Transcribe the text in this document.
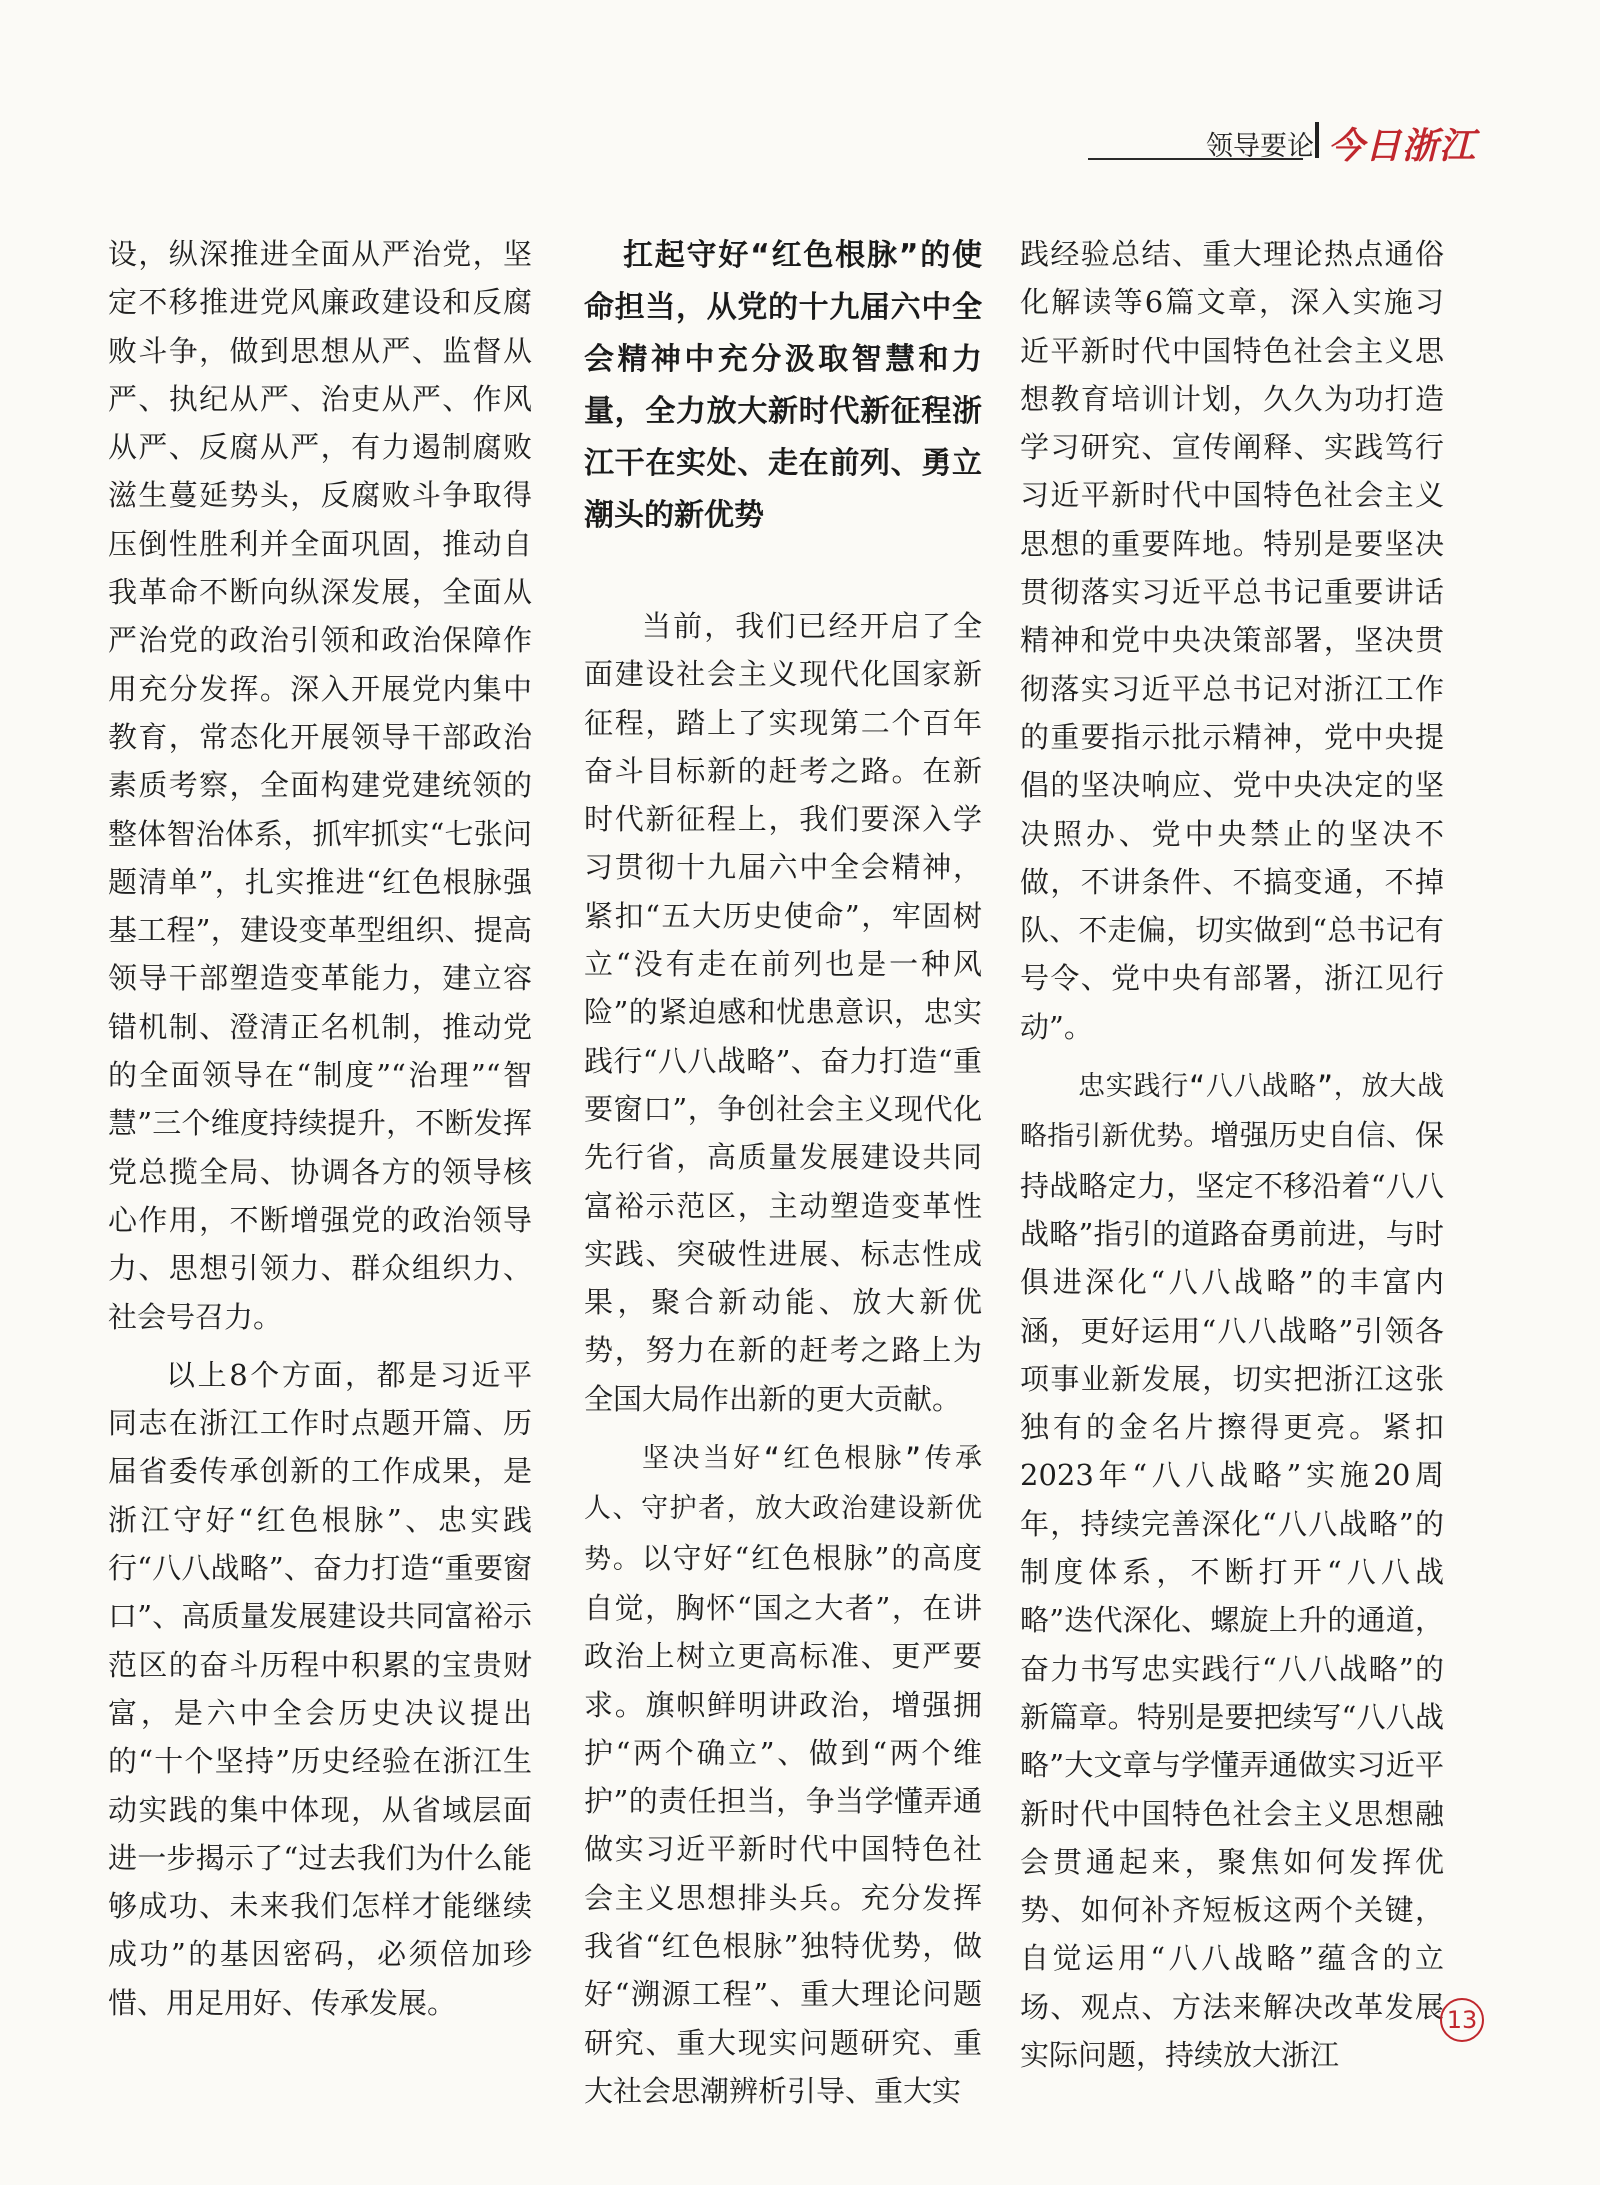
领导要论 今日浙江

设，纵深推进全面从严治党，坚定不移推进党风廉政建设和反腐败斗争，做到思想从严、监督从严、执纪从严、治吏从严、作风从严、反腐从严，有力遏制腐败滋生蔓延势头，反腐败斗争取得压倒性胜利并全面巩固，推动自我革命不断向纵深发展，全面从严治党的政治引领和政治保障作用充分发挥。深入开展党内集中教育，常态化开展领导干部政治素质考察，全面构建党建统领的整体智治体系，抓牢抓实“七张问题清单”，扎实推进“红色根脉强基工程”，建设变革型组织、提高领导干部塑造变革能力，建立容错机制、澄清正名机制，推动党的全面领导在“制度”“治理”“智慧”三个维度持续提升，不断发挥党总揽全局、协调各方的领导核心作用，不断增强党的政治领导力、思想引领力、群众组织力、社会号召力。

以上8个方面，都是习近平同志在浙江工作时点题开篇、历届省委传承创新的工作成果，是浙江守好“红色根脉”、忠实践行“八八战略”、奋力打造“重要窗口”、高质量发展建设共同富裕示范区的奋斗历程中积累的宝贵财富，是六中全会历史决议提出的“十个坚持”历史经验在浙江生动实践的集中体现，从省域层面进一步揭示了“过去我们为什么能够成功、未来我们怎样才能继续成功”的基因密码，必须倍加珍惜、用足用好、传承发展。

扛起守好“红色根脉”的使命担当，从党的十九届六中全会精神中充分汲取智慧和力量，全力放大新时代新征程浙江干在实处、走在前列、勇立潮头的新优势

当前，我们已经开启了全面建设社会主义现代化国家新征程，踏上了实现第二个百年奋斗目标新的赶考之路。在新时代新征程上，我们要深入学习贯彻十九届六中全会精神，紧扣“五大历史使命”，牢固树立“没有走在前列也是一种风险”的紧迫感和忧患意识，忠实践行“八八战略”、奋力打造“重要窗口”，争创社会主义现代化先行省，高质量发展建设共同富裕示范区，主动塑造变革性实践、突破性进展、标志性成果，聚合新动能、放大新优势，努力在新的赶考之路上为全国大局作出新的更大贡献。

坚决当好“红色根脉”传承人、守护者，放大政治建设新优势。以守好“红色根脉”的高度自觉，胸怀“国之大者”，在讲政治上树立更高标准、更严要求。旗帜鲜明讲政治，增强拥护“两个确立”、做到“两个维护”的责任担当，争当学懂弄通做实习近平新时代中国特色社会主义思想排头兵。充分发挥我省“红色根脉”独特优势，做好“溯源工程”、重大理论问题研究、重大现实问题研究、重大社会思潮辨析引导、重大实

践经验总结、重大理论热点通俗化解读等6篇文章，深入实施习近平新时代中国特色社会主义思想教育培训计划，久久为功打造学习研究、宣传阐释、实践笃行习近平新时代中国特色社会主义思想的重要阵地。特别是要坚决贯彻落实习近平总书记重要讲话精神和党中央决策部署，坚决贯彻落实习近平总书记对浙江工作的重要指示批示精神，党中央提倡的坚决响应、党中央决定的坚决照办、党中央禁止的坚决不做，不讲条件、不搞变通，不掉队、不走偏，切实做到“总书记有号令、党中央有部署，浙江见行动”。

忠实践行“八八战略”，放大战略指引新优势。增强历史自信、保持战略定力，坚定不移沿着“八八战略”指引的道路奋勇前进，与时俱进深化“八八战略”的丰富内涵，更好运用“八八战略”引领各项事业新发展，切实把浙江这张独有的金名片擦得更亮。紧扣2023年“八八战略”实施20周年，持续完善深化“八八战略”的制度体系，不断打开“八八战略”迭代深化、螺旋上升的通道，奋力书写忠实践行“八八战略”的新篇章。特别是要把续写“八八战略”大文章与学懂弄通做实习近平新时代中国特色社会主义思想融会贯通起来，聚焦如何发挥优势、如何补齐短板这两个关键，自觉运用“八八战略”蕴含的立场、观点、方法来解决改革发展实际问题，持续放大浙江

13
